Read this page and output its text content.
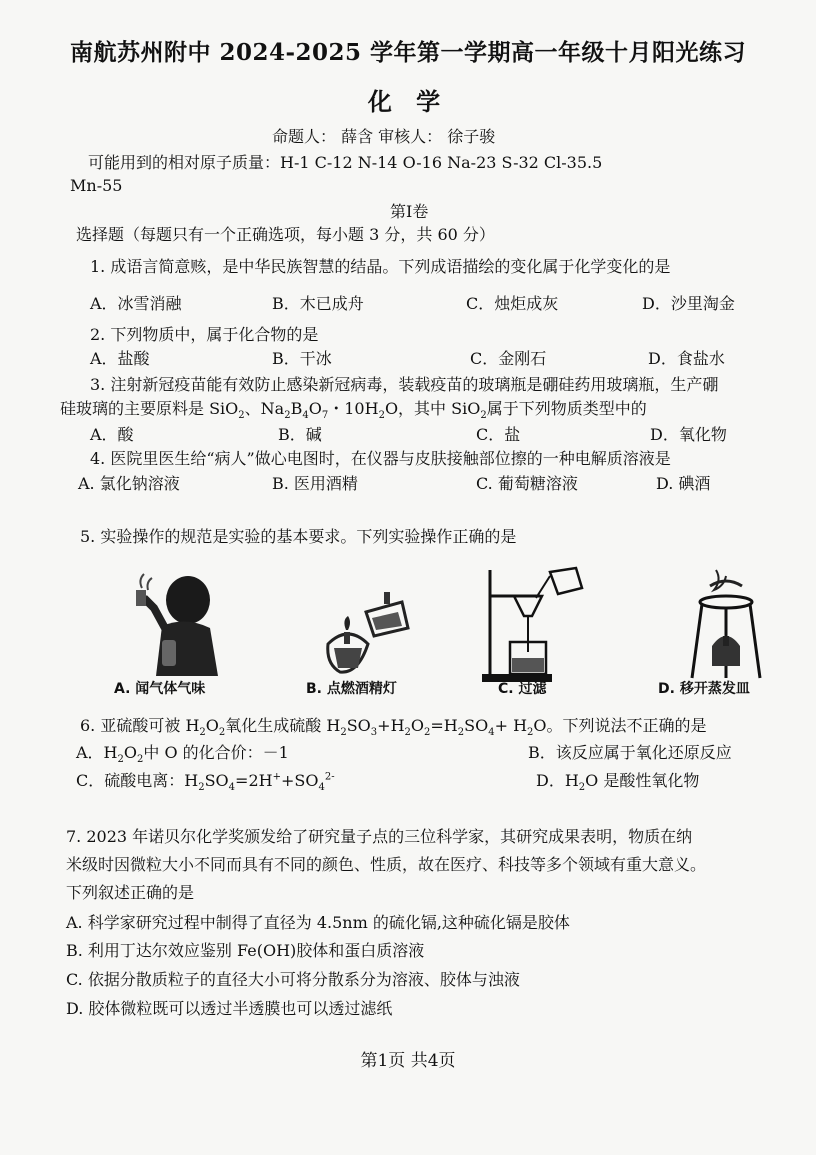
南航苏州附中 2024-2025 学年第一学期高一年级十月阳光练习
化 学
命题人： 薛含 审核人： 徐子骏
可能用到的相对原子质量：H-1 C-12 N-14 O-16 Na-23 S-32 Cl-35.5
Mn-55
第Ⅰ卷
选择题（每题只有一个正确选项，每小题 3 分，共 60 分）
1. 成语言简意赅，是中华民族智慧的结晶。下列成语描绘的变化属于化学变化的是
A．冰雪消融	B．木已成舟	C．烛炬成灰	D．沙里淘金
2. 下列物质中，属于化合物的是
A．盐酸	B．干冰	C．金刚石	D．食盐水
3. 注射新冠疫苗能有效防止感染新冠病毒，装载疫苗的玻璃瓶是硼硅药用玻璃瓶，生产硼
硅玻璃的主要原料是 SiO$_2$、$Na_2B_4O_7$・$10H_2O$，其中 SiO$_2$属于下列物质类型中的
A．酸	B．碱	C．盐	D．氧化物
4. 医院里医生给“病人”做心电图时，在仪器与皮肤接触部位擦的一种电解质溶液是
A. 氯化钠溶液	B. 医用酒精	C. 葡萄糖溶液	D. 碘酒
5. 实验操作的规范是实验的基本要求。下列实验操作正确的是
A. 闻气体气味	B. 点燃酒精灯	C. 过滤	D. 移开蒸发皿
6. 亚硫酸可被 $H_2O_2$氧化生成硫酸 $H_2SO_3+H_2O_2=H_2SO_4+ H_2O$。下列说法不正确的是
A．$H_2O_2$中 O 的化合价：－1	B．该反应属于氧化还原反应
C．硫酸电离：$H_2SO_4=2H^++SO_4^{2-}$	D．$H_2O$ 是酸性氧化物
7. 2023 年诺贝尔化学奖颁发给了研究量子点的三位科学家，其研究成果表明，物质在纳
米级时因微粒大小不同而具有不同的颜色、性质，故在医疗、科技等多个领域有重大意义。
下列叙述正确的是
A. 科学家研究过程中制得了直径为 4.5nm 的硫化镉,这种硫化镉是胶体
B. 利用丁达尔效应鉴别 Fe(OH)胶体和蛋白质溶液
C. 依据分散质粒子的直径大小可将分散系分为溶液、胶体与浊液
D. 胶体微粒既可以透过半透膜也可以透过滤纸
第1页 共4页
